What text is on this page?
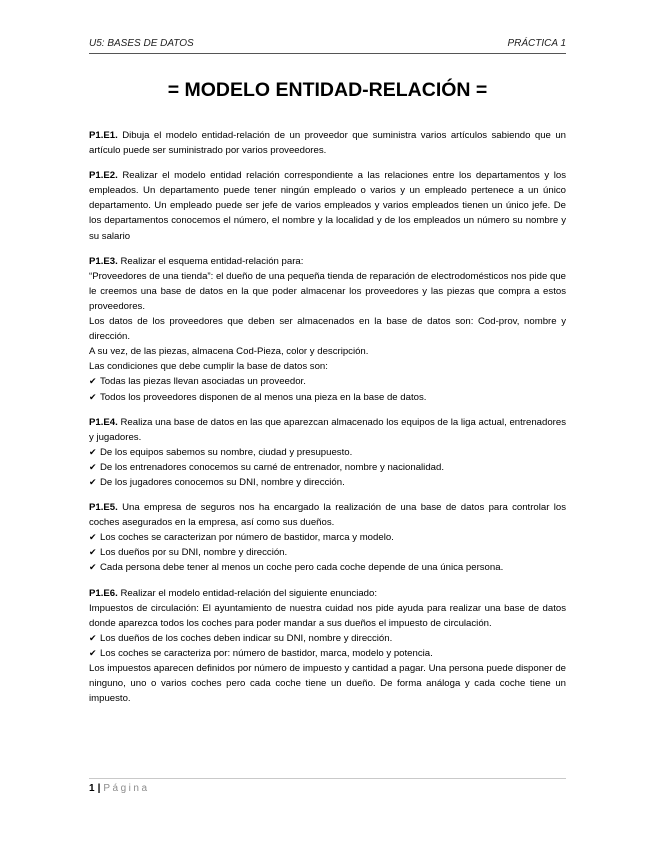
U5: BASES DE DATOS	PRÁCTICA 1
= MODELO ENTIDAD-RELACIÓN =

P1.E1. Dibuja el modelo entidad-relación de un proveedor que suministra varios artículos sabiendo que un artículo puede ser suministrado por varios proveedores.

P1.E2. Realizar el modelo entidad relación correspondiente a las relaciones entre los departamentos y los empleados. Un departamento puede tener ningún empleado o varios y un empleado pertenece a un único departamento. Un empleado puede ser jefe de varios empleados y varios empleados tienen un único jefe. De los departamentos conocemos el número, el nombre y la localidad y de los empleados un número su nombre y su salario

P1.E3. Realizar el esquema entidad-relación para:

“Proveedores de una tienda”: el dueño de una pequeña tienda de reparación de electrodomésticos nos pide que le creemos una base de datos en la que poder almacenar los proveedores y las piezas que compra a estos proveedores.

Los datos de los proveedores que deben ser almacenados en la base de datos son: Cod-prov, nombre y dirección.

A su vez, de las piezas, almacena Cod-Pieza, color y descripción.

Las condiciones que debe cumplir la base de datos son:

✔ Todas las piezas llevan asociadas un proveedor.
✔ Todos los proveedores disponen de al menos una pieza en la base de datos.

P1.E4. Realiza una base de datos en las que aparezcan almacenado los equipos de la liga actual, entrenadores y jugadores.

✔ De los equipos sabemos su nombre, ciudad y presupuesto.
✔ De los entrenadores conocemos su carné de entrenador, nombre y nacionalidad.
✔ De los jugadores conocemos su DNI, nombre y dirección.

P1.E5. Una empresa de seguros nos ha encargado la realización de una base de datos para controlar los coches asegurados en la empresa, así como sus dueños.

✔ Los coches se caracterizan por número de bastidor, marca y modelo.
✔ Los dueños por su DNI, nombre y dirección.
✔ Cada persona debe tener al menos un coche pero cada coche depende de una única persona.

P1.E6. Realizar el modelo entidad-relación del siguiente enunciado:

Impuestos de circulación: El ayuntamiento de nuestra cuidad nos pide ayuda para realizar una base de datos donde aparezca todos los coches para poder mandar a sus dueños el impuesto de circulación.

✔ Los dueños de los coches deben indicar su DNI, nombre y dirección.
✔ Los coches se caracteriza por: número de bastidor, marca, modelo y potencia.

Los impuestos aparecen definidos por número de impuesto y cantidad a pagar. Una persona puede disponer de ninguno, uno o varios coches pero cada coche tiene un dueño. De forma análoga y cada coche tiene un impuesto.

1 | Página
